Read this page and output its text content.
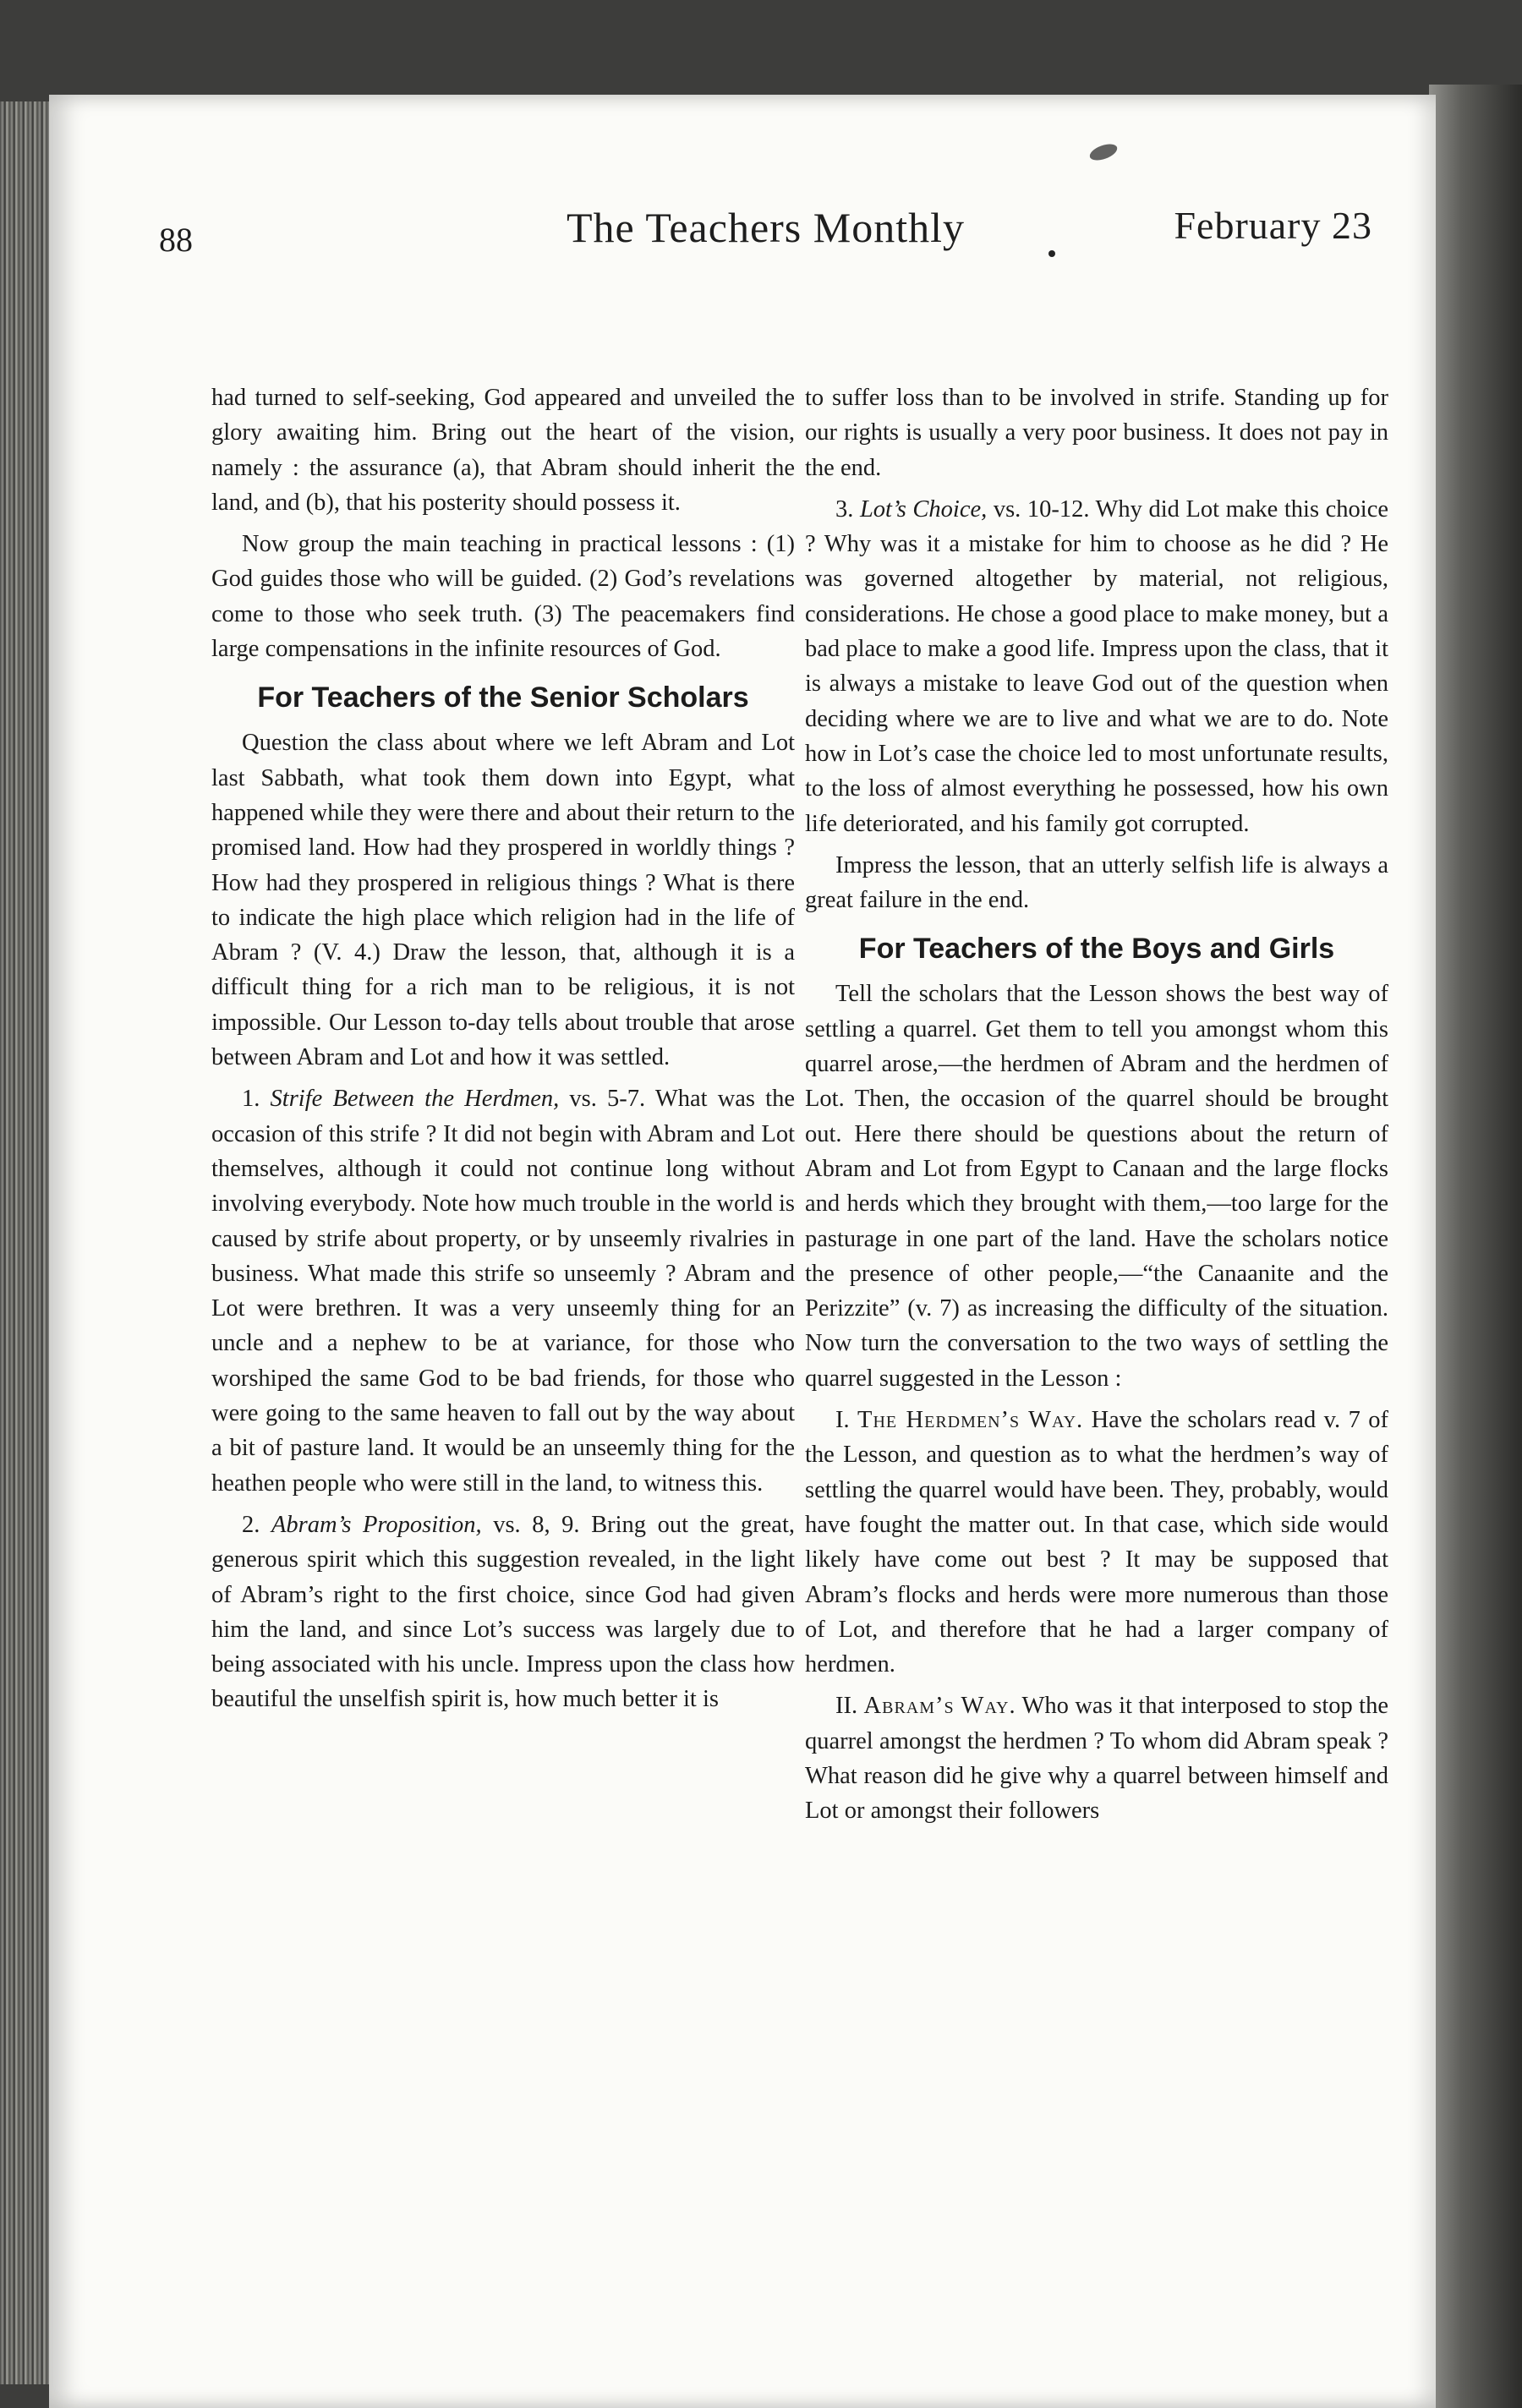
88	The Teachers Monthly	February 23

had turned to self-seeking, God appeared and unveiled the glory awaiting him. Bring out the heart of the vision, namely : the assurance (a), that Abram should inherit the land, and (b), that his posterity should possess it.

Now group the main teaching in practical lessons : (1) God guides those who will be guided. (2) God’s revelations come to those who seek truth. (3) The peacemakers find large compensations in the infinite resources of God.

For Teachers of the Senior Scholars

Question the class about where we left Abram and Lot last Sabbath, what took them down into Egypt, what happened while they were there and about their return to the promised land. How had they prospered in worldly things ? How had they prospered in religious things ? What is there to indicate the high place which religion had in the life of Abram ? (V. 4.) Draw the lesson, that, although it is a difficult thing for a rich man to be religious, it is not impossible. Our Lesson to-day tells about trouble that arose between Abram and Lot and how it was settled.

1. Strife Between the Herdmen, vs. 5-7. What was the occasion of this strife ? It did not begin with Abram and Lot themselves, although it could not continue long without involving everybody. Note how much trouble in the world is caused by strife about property, or by unseemly rivalries in business. What made this strife so unseemly ? Abram and Lot were brethren. It was a very unseemly thing for an uncle and a nephew to be at variance, for those who worshiped the same God to be bad friends, for those who were going to the same heaven to fall out by the way about a bit of pasture land. It would be an unseemly thing for the heathen people who were still in the land, to witness this.

2. Abram’s Proposition, vs. 8, 9. Bring out the great, generous spirit which this suggestion revealed, in the light of Abram’s right to the first choice, since God had given him the land, and since Lot’s success was largely due to being associated with his uncle. Impress upon the class how beautiful the unselfish spirit is, how much better it is

to suffer loss than to be involved in strife. Standing up for our rights is usually a very poor business. It does not pay in the end.

3. Lot’s Choice, vs. 10-12. Why did Lot make this choice ? Why was it a mistake for him to choose as he did ? He was governed altogether by material, not religious, considerations. He chose a good place to make money, but a bad place to make a good life. Impress upon the class, that it is always a mistake to leave God out of the question when deciding where we are to live and what we are to do. Note how in Lot’s case the choice led to most unfortunate results, to the loss of almost everything he possessed, how his own life deteriorated, and his family got corrupted.

Impress the lesson, that an utterly selfish life is always a great failure in the end.

For Teachers of the Boys and Girls

Tell the scholars that the Lesson shows the best way of settling a quarrel. Get them to tell you amongst whom this quarrel arose,—the herdmen of Abram and the herdmen of Lot. Then, the occasion of the quarrel should be brought out. Here there should be questions about the return of Abram and Lot from Egypt to Canaan and the large flocks and herds which they brought with them,—too large for the pasturage in one part of the land. Have the scholars notice the presence of other people,—“the Canaanite and the Perizzite” (v. 7) as increasing the difficulty of the situation. Now turn the conversation to the two ways of settling the quarrel suggested in the Lesson :

I. The Herdmen’s Way. Have the scholars read v. 7 of the Lesson, and question as to what the herdmen’s way of settling the quarrel would have been. They, probably, would have fought the matter out. In that case, which side would likely have come out best ? It may be supposed that Abram’s flocks and herds were more numerous than those of Lot, and therefore that he had a larger company of herdmen.

II. Abram’s Way. Who was it that interposed to stop the quarrel amongst the herdmen ? To whom did Abram speak ? What reason did he give why a quarrel between himself and Lot or amongst their followers
